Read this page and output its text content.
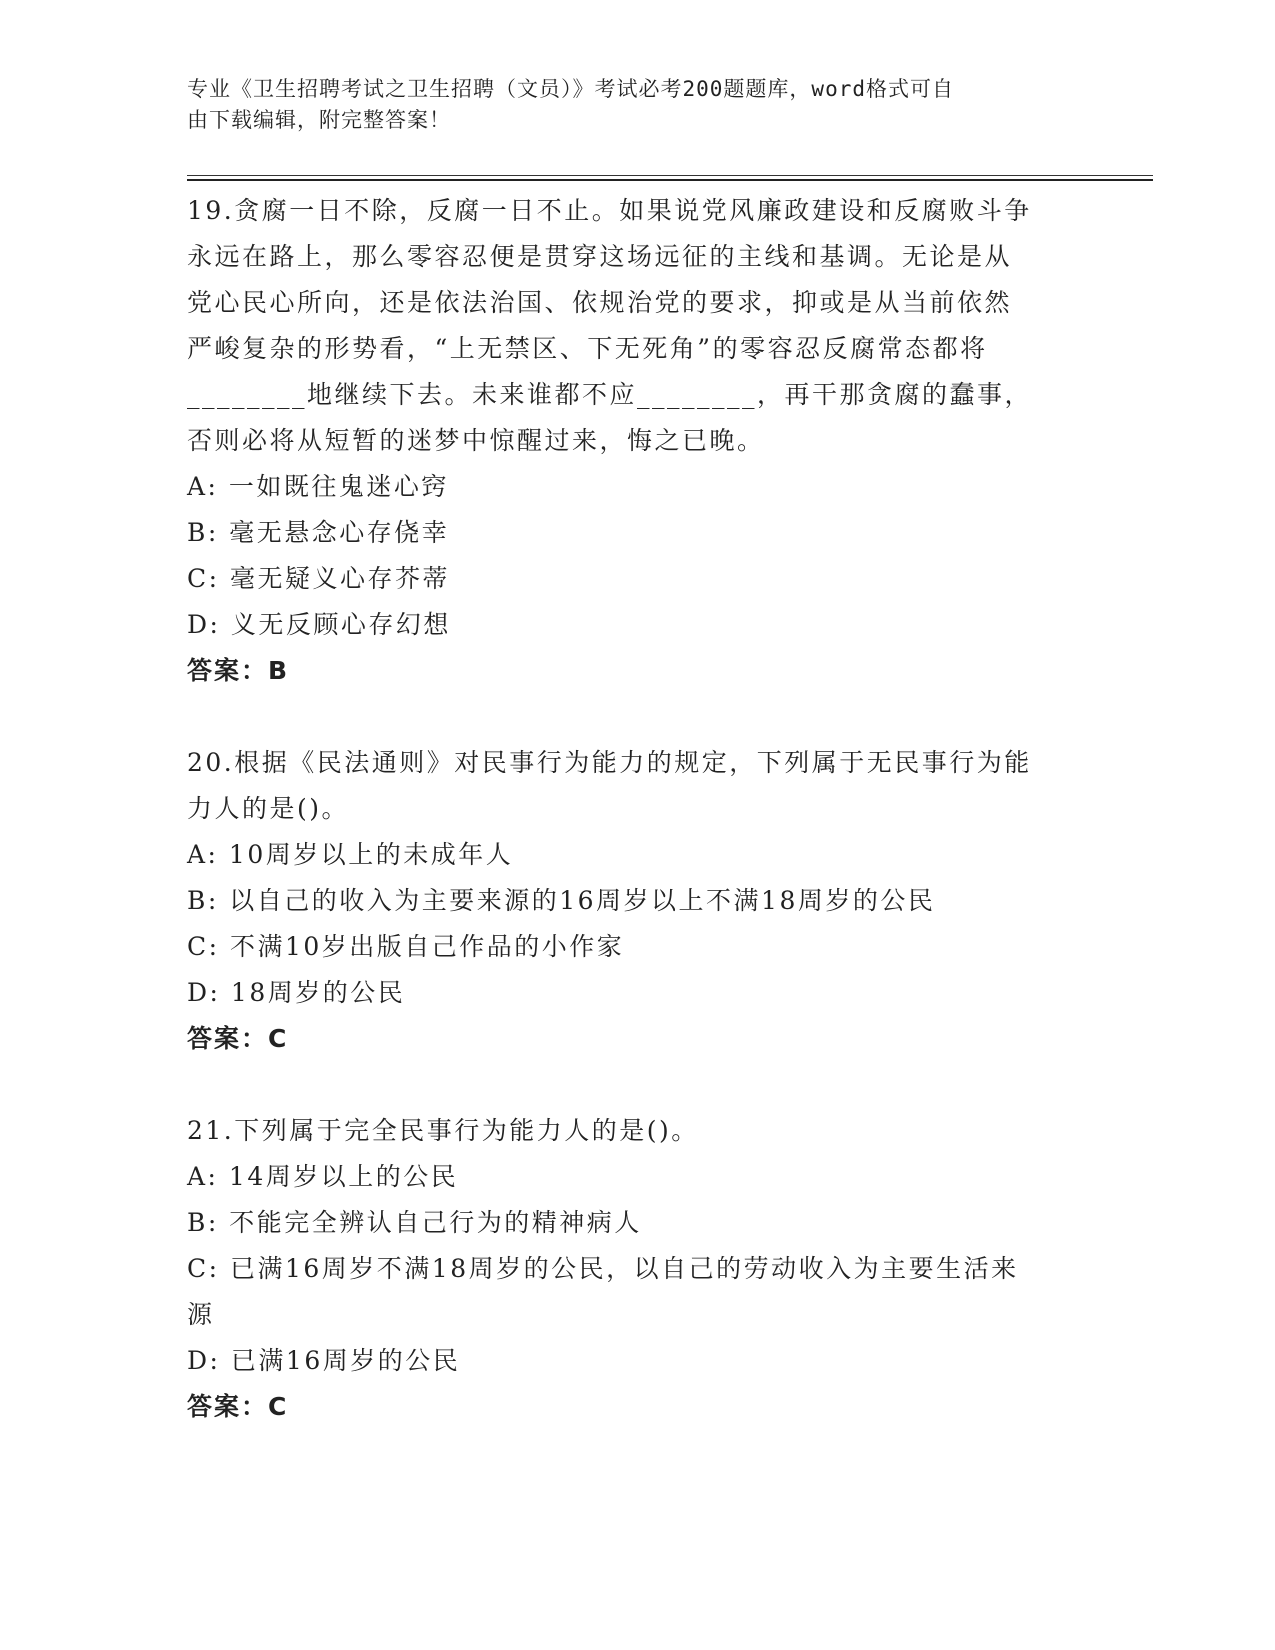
专业《卫生招聘考试之卫生招聘（文员）》考试必考200题题库，word格式可自
由下载编辑，附完整答案！
19.贪腐一日不除，反腐一日不止。如果说党风廉政建设和反腐败斗争
永远在路上，那么零容忍便是贯穿这场远征的主线和基调。无论是从
党心民心所向，还是依法治国、依规治党的要求，抑或是从当前依然
严峻复杂的形势看，“上无禁区、下无死角”的零容忍反腐常态都将
________地继续下去。未来谁都不应________，再干那贪腐的蠢事，
否则必将从短暂的迷梦中惊醒过来，悔之已晚。
A: 一如既往鬼迷心窍
B: 毫无悬念心存侥幸
C: 毫无疑义心存芥蒂
D: 义无反顾心存幻想
答案：B
20.根据《民法通则》对民事行为能力的规定，下列属于无民事行为能
力人的是()。
A: 10周岁以上的未成年人
B: 以自己的收入为主要来源的16周岁以上不满18周岁的公民
C: 不满10岁出版自己作品的小作家
D: 18周岁的公民
答案：C
21.下列属于完全民事行为能力人的是()。
A: 14周岁以上的公民
B: 不能完全辨认自己行为的精神病人
C: 已满16周岁不满18周岁的公民，以自己的劳动收入为主要生活来
源
D: 已满16周岁的公民
答案：C
